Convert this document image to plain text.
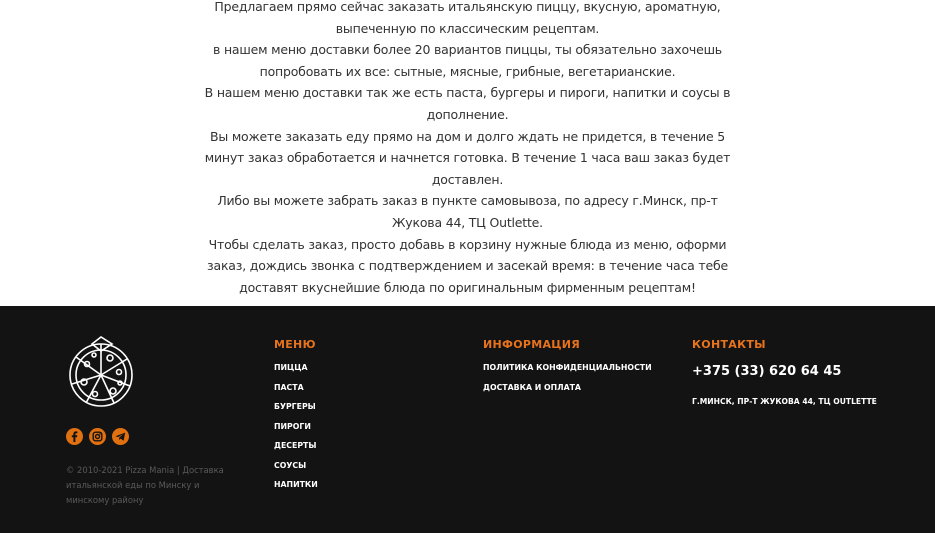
Предлагаем прямо сейчас заказать итальянскую пиццу, вкусную, ароматную, выпеченную по классическим рецептам.

в нашем меню доставки более 20 вариантов пиццы, ты обязательно захочешь попробовать их все: сытные, мясные, грибные, вегетарианские.

В нашем меню доставки так же есть паста, бургеры и пироги, напитки и соусы в дополнение.

Вы можете заказать еду прямо на дом и долго ждать не придется, в течение 5 минут заказ обработается и начнется готовка. В течение 1 часа ваш заказ будет доставлен.

Либо вы можете забрать заказ в пункте самовывоза, по адресу г.Минск, пр-т Жукова 44, ТЦ Outlette.

Чтобы сделать заказ, просто добавь в корзину нужные блюда из меню, оформи заказ, дождись звонка с подтверждением и засекай время: в течение часа тебе доставят вкуснейшие блюда по оригинальным фирменным рецептам!

© 2010-2021 Pizza Mania | Доставка итальянской еды по Минску и минскому району
МЕНЮ
ПИЦЦА
ПАСТА
БУРГЕРЫ
ПИРОГИ
ДЕСЕРТЫ
СОУСЫ
НАПИТКИ
ИНФОРМАЦИЯ
ПОЛИТИКА КОНФИДЕНЦИАЛЬНОСТИ
ДОСТАВКА И ОПЛАТА
КОНТАКТЫ
+375 (33) 620 64 45
Г.МИНСК, ПР-Т ЖУКОВА 44, ТЦ OUTLETTE
